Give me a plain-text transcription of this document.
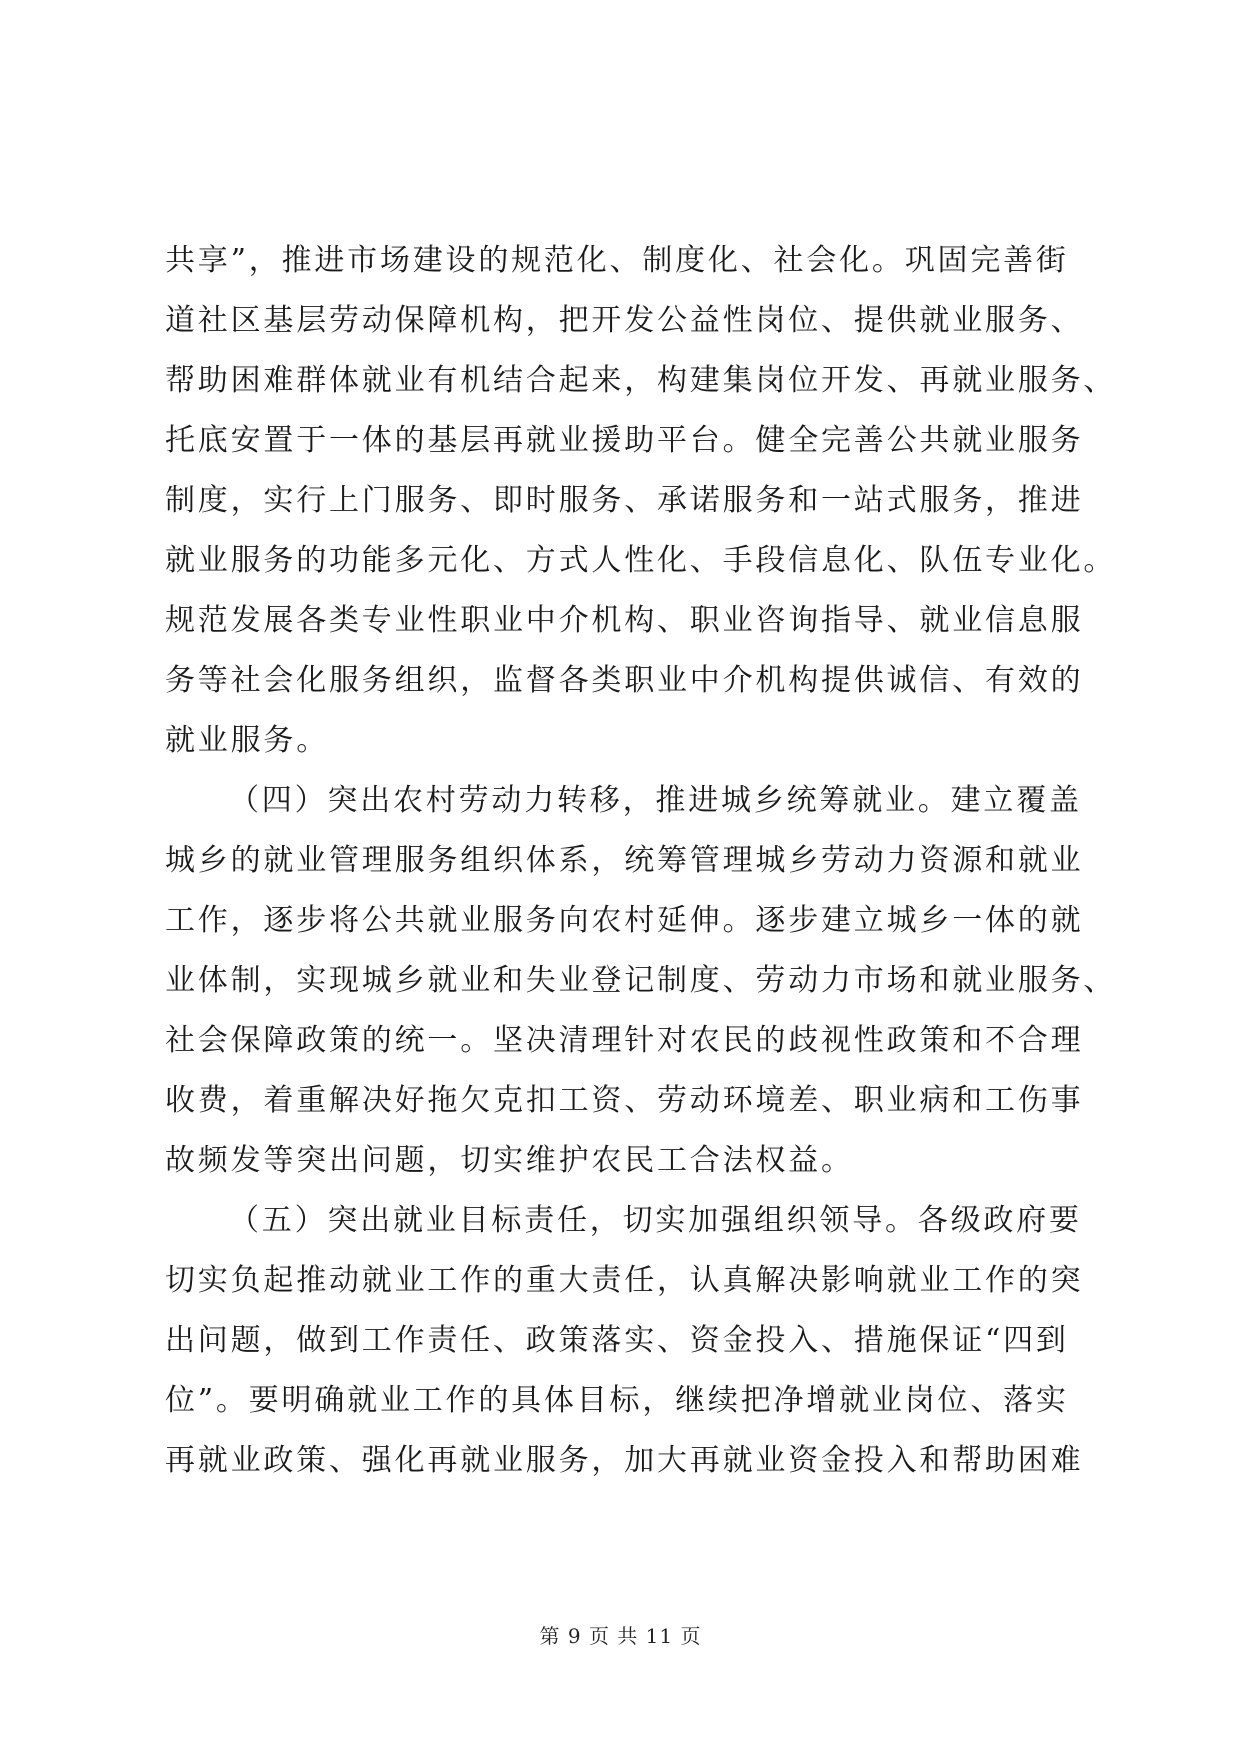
共享”，推进市场建设的规范化、制度化、社会化。巩固完善街
道社区基层劳动保障机构，把开发公益性岗位、提供就业服务、
帮助困难群体就业有机结合起来，构建集岗位开发、再就业服务、
托底安置于一体的基层再就业援助平台。健全完善公共就业服务
制度，实行上门服务、即时服务、承诺服务和一站式服务，推进
就业服务的功能多元化、方式人性化、手段信息化、队伍专业化。
规范发展各类专业性职业中介机构、职业咨询指导、就业信息服
务等社会化服务组织，监督各类职业中介机构提供诚信、有效的
就业服务。
（四）突出农村劳动力转移，推进城乡统筹就业。建立覆盖
城乡的就业管理服务组织体系，统筹管理城乡劳动力资源和就业
工作，逐步将公共就业服务向农村延伸。逐步建立城乡一体的就
业体制，实现城乡就业和失业登记制度、劳动力市场和就业服务、
社会保障政策的统一。坚决清理针对农民的歧视性政策和不合理
收费，着重解决好拖欠克扣工资、劳动环境差、职业病和工伤事
故频发等突出问题，切实维护农民工合法权益。
（五）突出就业目标责任，切实加强组织领导。各级政府要
切实负起推动就业工作的重大责任，认真解决影响就业工作的突
出问题，做到工作责任、政策落实、资金投入、措施保证“四到
位”。要明确就业工作的具体目标，继续把净增就业岗位、落实
再就业政策、强化再就业服务，加大再就业资金投入和帮助困难
第 9 页 共 11 页
